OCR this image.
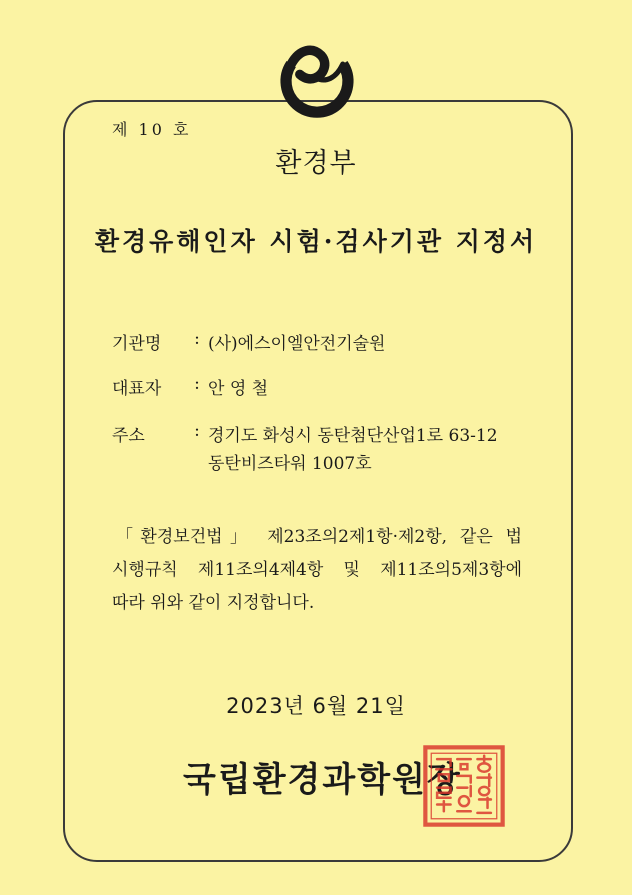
제 10 호
환경부
환경유해인자 시험·검사기관 지정서
기관명	: (사)에스이엘안전기술원
대표자	: 안 영 철
주소	: 경기도 화성시 동탄첨단산업1로 63-12
동탄비즈타워 1007호
「환경보건법」 제23조의2제1항·제2항, 같은 법
시행규칙 제11조의4제4항 및 제11조의5제3항에
따라 위와 같이 지정합니다.
2023년 6월 21일
국립환경과학원장
